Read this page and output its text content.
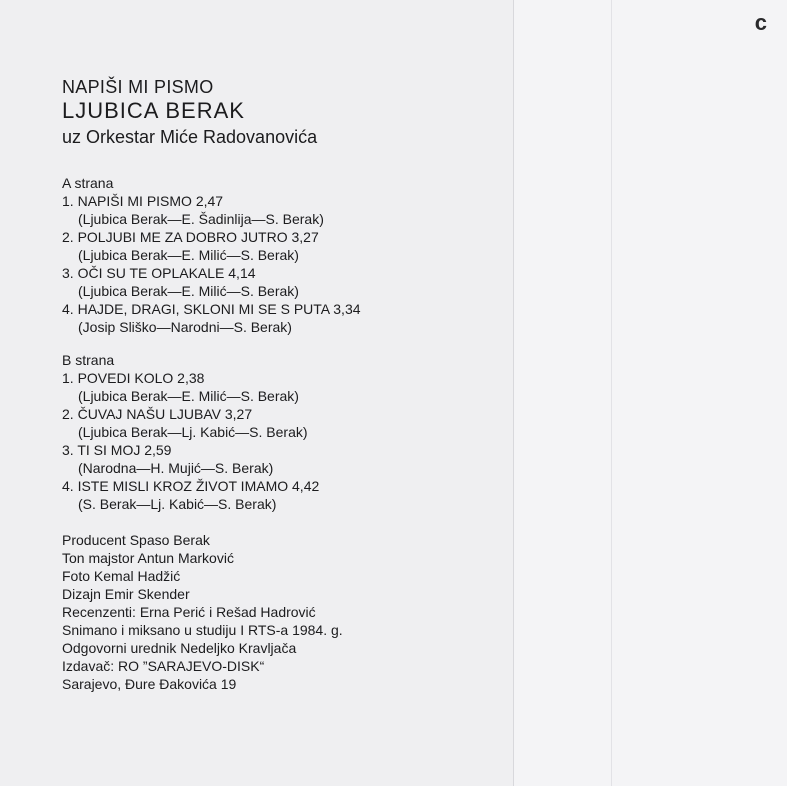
c

NAPIŠI MI PISMO

LJUBICA BERAK

uz Orkestar Miće Radovanovića

A strana

1. NAPIŠI MI PISMO 2,47

(Ljubica Berak—E. Šadinlija—S. Berak)

2. POLJUBI ME ZA DOBRO JUTRO 3,27

(Ljubica Berak—E. Milić—S. Berak)

3. OČI SU TE OPLAKALE 4,14

(Ljubica Berak—E. Milić—S. Berak)

4. HAJDE, DRAGI, SKLONI MI SE S PUTA 3,34

(Josip Sliško—Narodni—S. Berak)

B strana

1. POVEDI KOLO 2,38

(Ljubica Berak—E. Milić—S. Berak)

2. ČUVAJ NAŠU LJUBAV 3,27

(Ljubica Berak—Lj. Kabić—S. Berak)

3. TI SI MOJ 2,59

(Narodna—H. Mujić—S. Berak)

4. ISTE MISLI KROZ ŽIVOT IMAMO 4,42

(S. Berak—Lj. Kabić—S. Berak)

Producent Spaso Berak

Ton majstor Antun Marković

Foto Kemal Hadžić

Dizajn Emir Skender

Recenzenti: Erna Perić i Rešad Hadrović

Snimano i miksano u studiju I RTS-a 1984. g.

Odgovorni urednik Nedeljko Kravljača

Izdavač: RO ”SARAJEVO-DISK“

Sarajevo, Đure Đakovića 19
